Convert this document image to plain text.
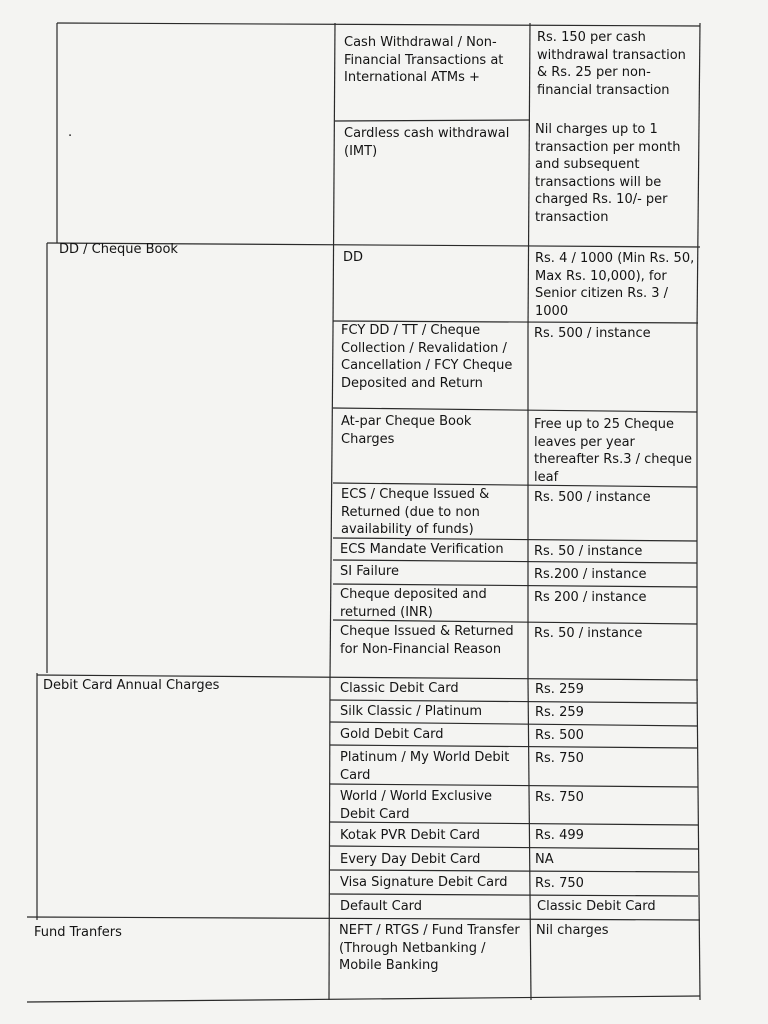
.

DD / Cheque Book

Debit Card Annual Charges

Fund Tranfers

Cash Withdrawal / Non-Financial Transactions at International ATMs +

Cardless cash withdrawal (IMT)

DD

FCY DD / TT / Cheque Collection / Revalidation / Cancellation / FCY Cheque Deposited and Return

At-par Cheque Book Charges

ECS / Cheque Issued & Returned (due to non availability of funds)

ECS Mandate Verification

SI Failure

Cheque deposited and returned (INR)

Cheque Issued & Returned for Non-Financial Reason

Classic Debit Card

Silk Classic / Platinum

Gold Debit Card

Platinum / My World Debit Card

World / World Exclusive Debit Card

Kotak PVR Debit Card

Every Day Debit Card

Visa Signature Debit Card

Default Card

NEFT / RTGS / Fund Transfer (Through Netbanking / Mobile Banking

Rs. 150 per cash withdrawal transaction & Rs. 25 per non-financial transaction

Nil charges up to 1 transaction per month and subsequent transactions will be charged Rs. 10/- per transaction

Rs. 4 / 1000 (Min Rs. 50, Max Rs. 10,000), for Senior citizen Rs. 3 / 1000

Rs. 500 / instance

Free up to 25 Cheque leaves per year thereafter Rs.3 / cheque leaf

Rs. 500 / instance

Rs. 50 / instance

Rs.200 / instance

Rs 200 / instance

Rs. 50 / instance

Rs. 259

Rs. 259

Rs. 500

Rs. 750

Rs. 750

Rs. 499

NA

Rs. 750

Classic Debit Card

Nil charges
